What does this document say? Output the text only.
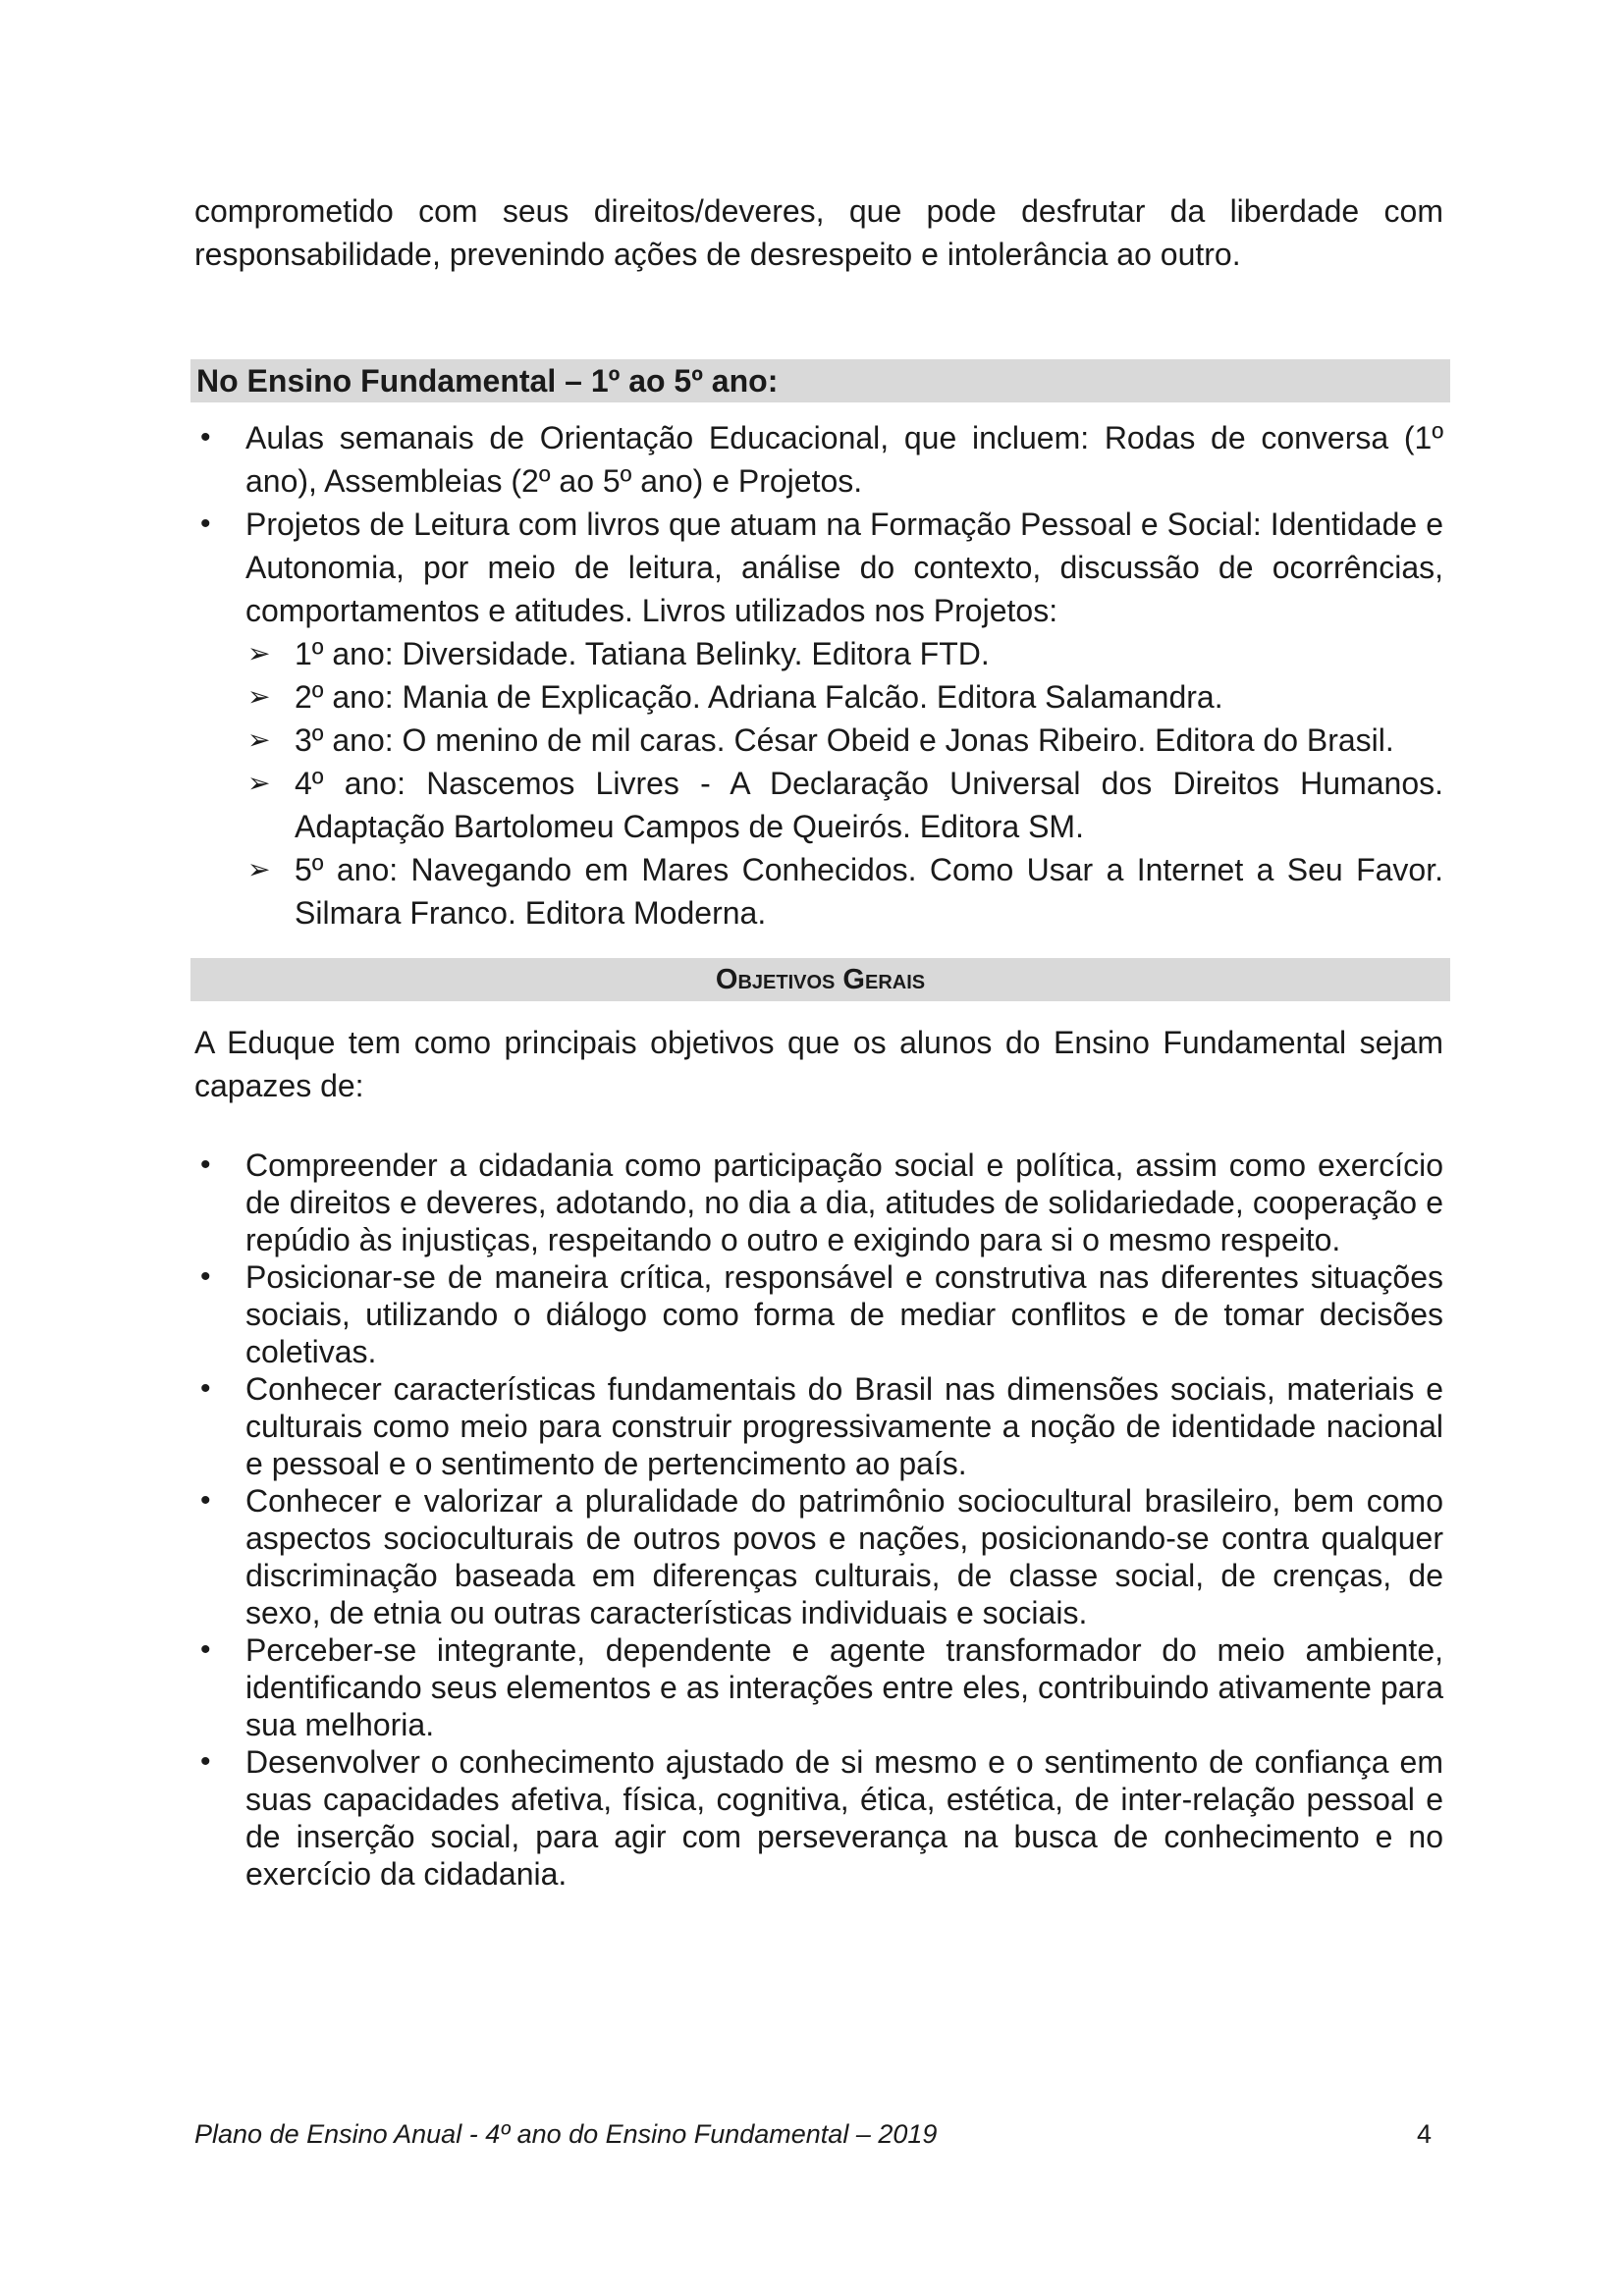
comprometido com seus direitos/deveres, que pode desfrutar da liberdade com responsabilidade, prevenindo ações de desrespeito e intolerância ao outro.

No Ensino Fundamental – 1º ao 5º ano:
• Aulas semanais de Orientação Educacional, que incluem: Rodas de conversa (1º ano), Assembleias (2º ao 5º ano) e Projetos.
• Projetos de Leitura com livros que atuam na Formação Pessoal e Social: Identidade e Autonomia, por meio de leitura, análise do contexto, discussão de ocorrências, comportamentos e atitudes. Livros utilizados nos Projetos:
➢ 1º ano: Diversidade. Tatiana Belinky. Editora FTD.
➢ 2º ano: Mania de Explicação. Adriana Falcão. Editora Salamandra.
➢ 3º ano: O menino de mil caras. César Obeid e Jonas Ribeiro. Editora do Brasil.
➢ 4º ano: Nascemos Livres - A Declaração Universal dos Direitos Humanos. Adaptação Bartolomeu Campos de Queirós. Editora SM.
➢ 5º ano: Navegando em Mares Conhecidos. Como Usar a Internet a Seu Favor. Silmara Franco. Editora Moderna.
Objetivos Gerais

A Eduque tem como principais objetivos que os alunos do Ensino Fundamental sejam capazes de:

• Compreender a cidadania como participação social e política, assim como exercício de direitos e deveres, adotando, no dia a dia, atitudes de solidariedade, cooperação e repúdio às injustiças, respeitando o outro e exigindo para si o mesmo respeito.
• Posicionar-se de maneira crítica, responsável e construtiva nas diferentes situações sociais, utilizando o diálogo como forma de mediar conflitos e de tomar decisões coletivas.
• Conhecer características fundamentais do Brasil nas dimensões sociais, materiais e culturais como meio para construir progressivamente a noção de identidade nacional e pessoal e o sentimento de pertencimento ao país.
• Conhecer e valorizar a pluralidade do patrimônio sociocultural brasileiro, bem como aspectos socioculturais de outros povos e nações, posicionando-se contra qualquer discriminação baseada em diferenças culturais, de classe social, de crenças, de sexo, de etnia ou outras características individuais e sociais.
• Perceber-se integrante, dependente e agente transformador do meio ambiente, identificando seus elementos e as interações entre eles, contribuindo ativamente para sua melhoria.
• Desenvolver o conhecimento ajustado de si mesmo e o sentimento de confiança em suas capacidades afetiva, física, cognitiva, ética, estética, de inter-relação pessoal e de inserção social, para agir com perseverança na busca de conhecimento e no exercício da cidadania.
Plano de Ensino Anual - 4º ano do Ensino Fundamental – 2019	4
